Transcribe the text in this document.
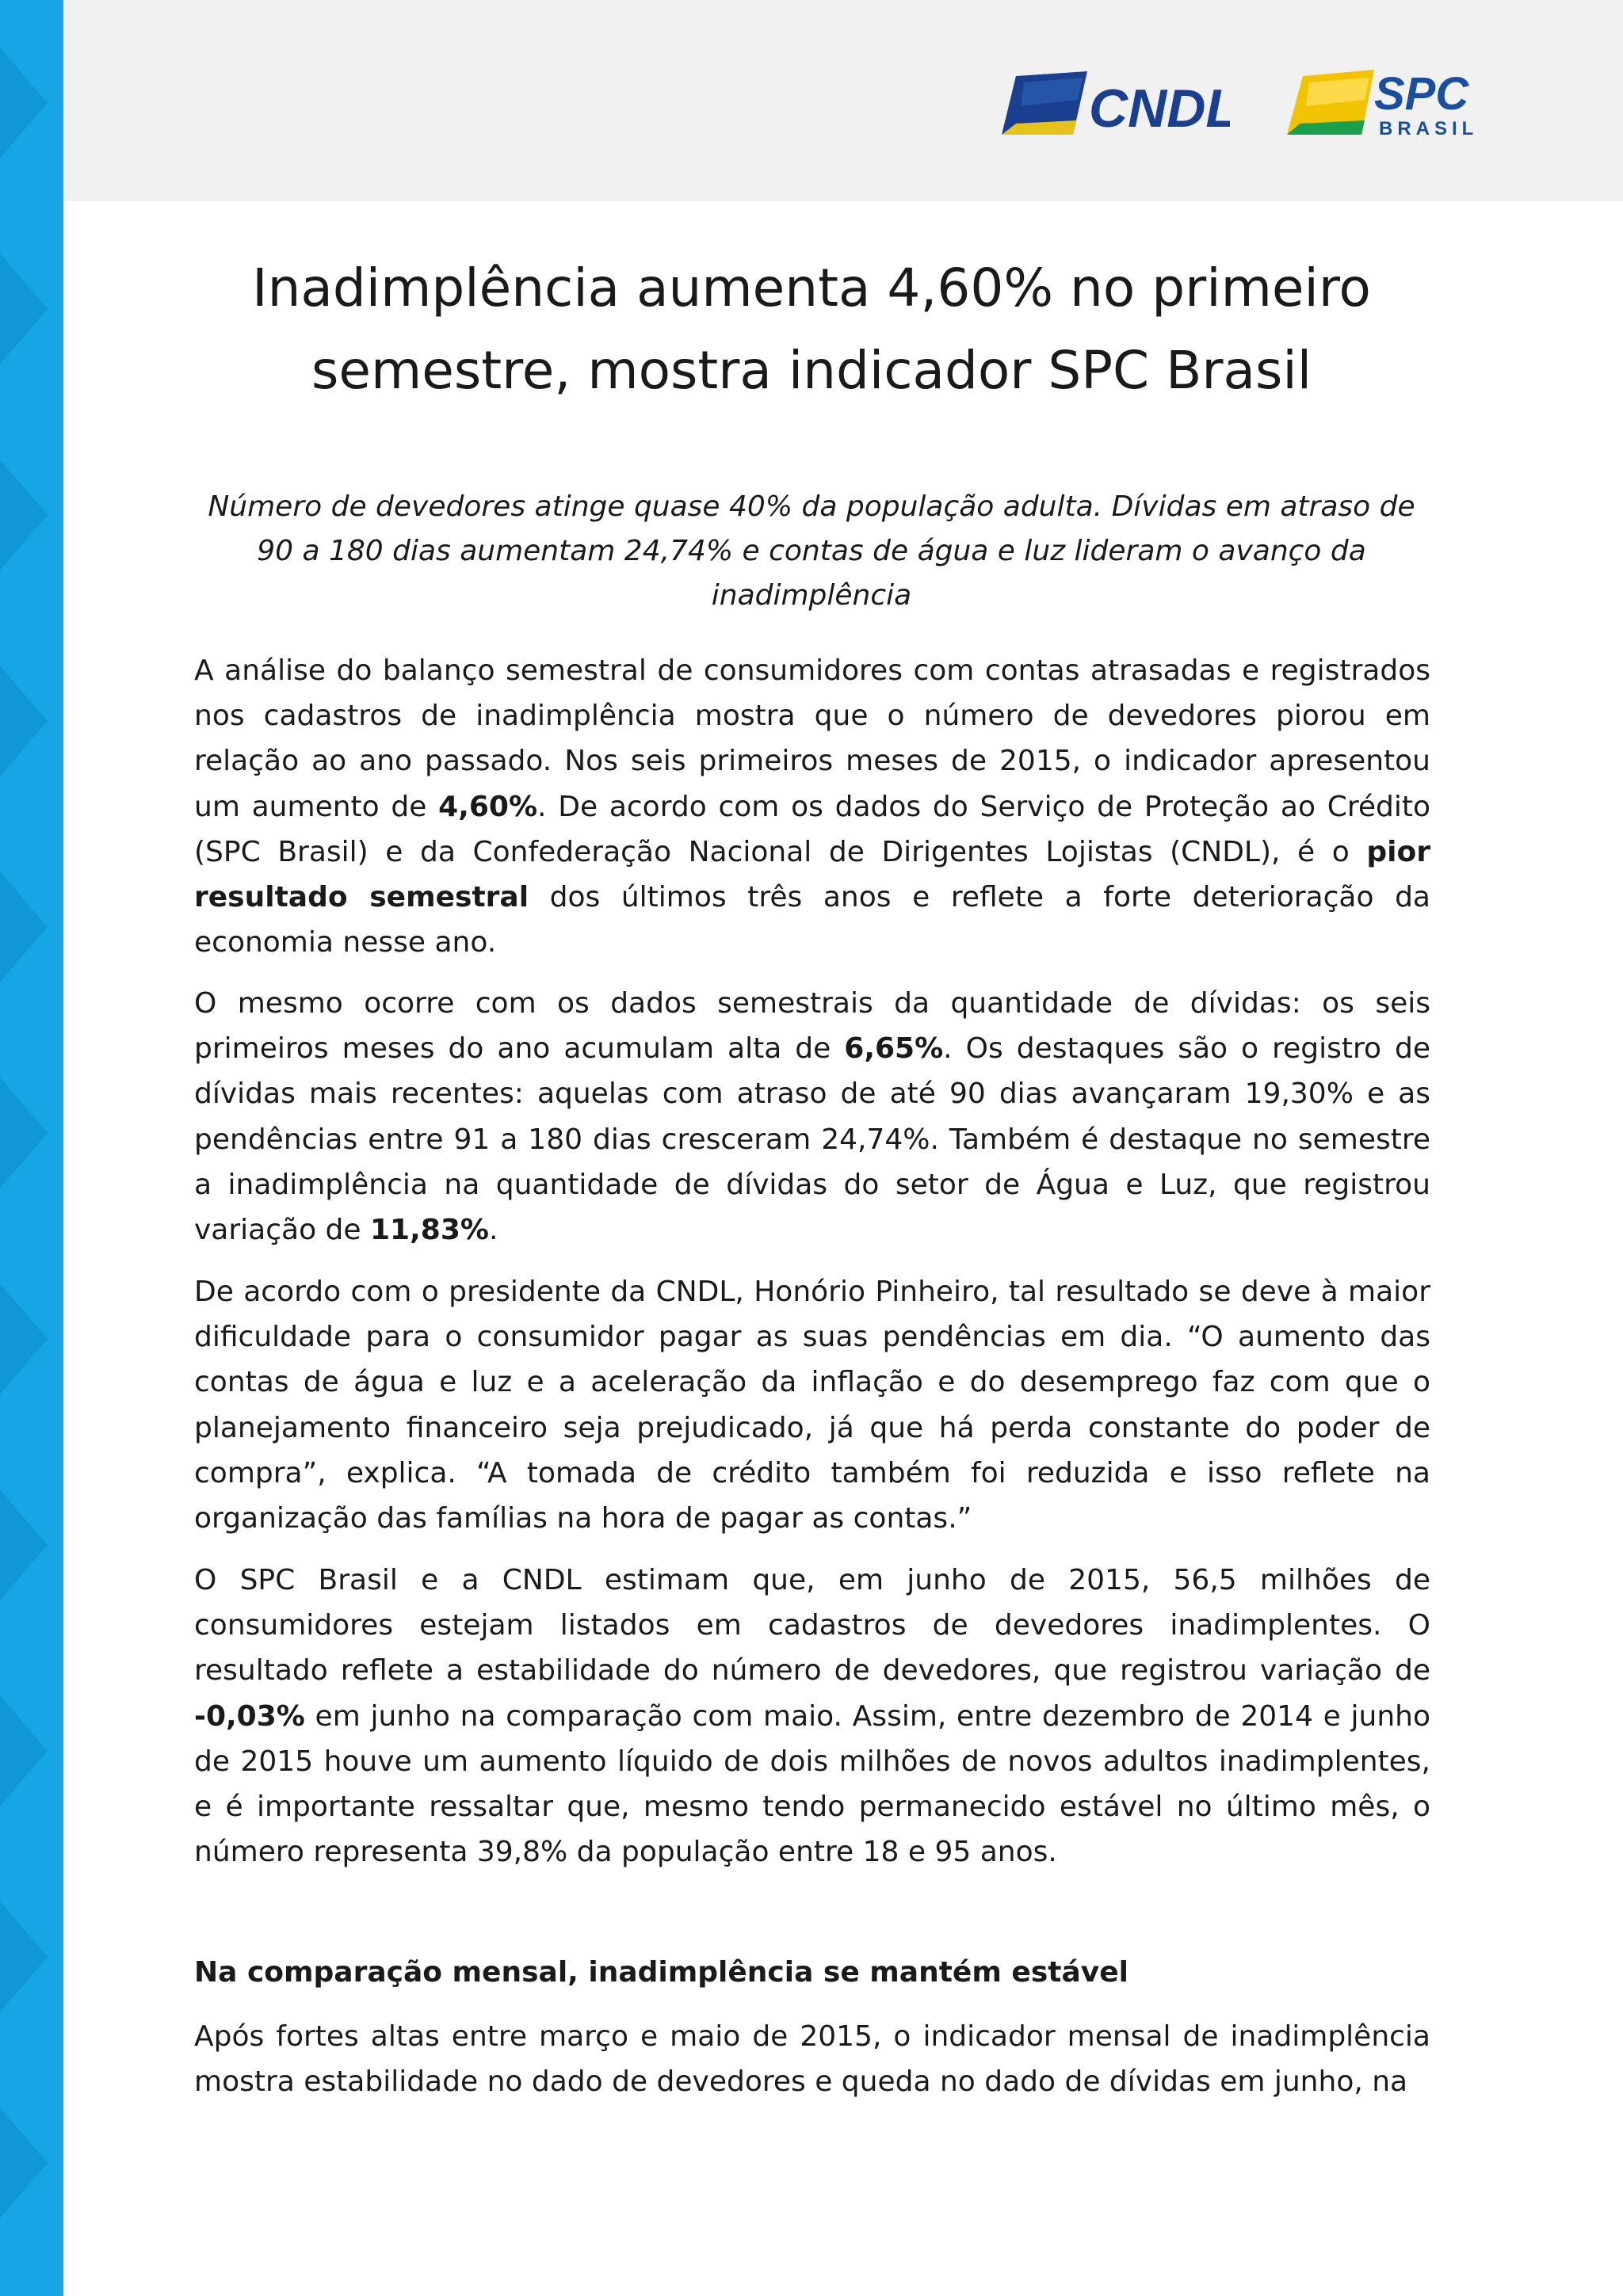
CNDL	SPC
BRASIL
Inadimplência aumenta 4,60% no primeiro
semestre, mostra indicador SPC Brasil

Número de devedores atinge quase 40% da população adulta. Dívidas em atraso de 90 a 180 dias aumentam 24,74% e contas de água e luz lideram o avanço da inadimplência

A análise do balanço semestral de consumidores com contas atrasadas e registrados nos cadastros de inadimplência mostra que o número de devedores piorou em relação ao ano passado. Nos seis primeiros meses de 2015, o indicador apresentou um aumento de 4,60%. De acordo com os dados do Serviço de Proteção ao Crédito (SPC Brasil) e da Confederação Nacional de Dirigentes Lojistas (CNDL), é o pior resultado semestral dos últimos três anos e reflete a forte deterioração da economia nesse ano.

O mesmo ocorre com os dados semestrais da quantidade de dívidas: os seis primeiros meses do ano acumulam alta de 6,65%. Os destaques são o registro de dívidas mais recentes: aquelas com atraso de até 90 dias avançaram 19,30% e as pendências entre 91 a 180 dias cresceram 24,74%. Também é destaque no semestre a inadimplência na quantidade de dívidas do setor de Água e Luz, que registrou variação de 11,83%.

De acordo com o presidente da CNDL, Honório Pinheiro, tal resultado se deve à maior dificuldade para o consumidor pagar as suas pendências em dia. “O aumento das contas de água e luz e a aceleração da inflação e do desemprego faz com que o planejamento financeiro seja prejudicado, já que há perda constante do poder de compra”, explica. “A tomada de crédito também foi reduzida e isso reflete na organização das famílias na hora de pagar as contas.”

O SPC Brasil e a CNDL estimam que, em junho de 2015, 56,5 milhões de consumidores estejam listados em cadastros de devedores inadimplentes. O resultado reflete a estabilidade do número de devedores, que registrou variação de -0,03% em junho na comparação com maio. Assim, entre dezembro de 2014 e junho de 2015 houve um aumento líquido de dois milhões de novos adultos inadimplentes, e é importante ressaltar que, mesmo tendo permanecido estável no último mês, o número representa 39,8% da população entre 18 e 95 anos.

Na comparação mensal, inadimplência se mantém estável

Após fortes altas entre março e maio de 2015, o indicador mensal de inadimplência mostra estabilidade no dado de devedores e queda no dado de dívidas em junho, na
